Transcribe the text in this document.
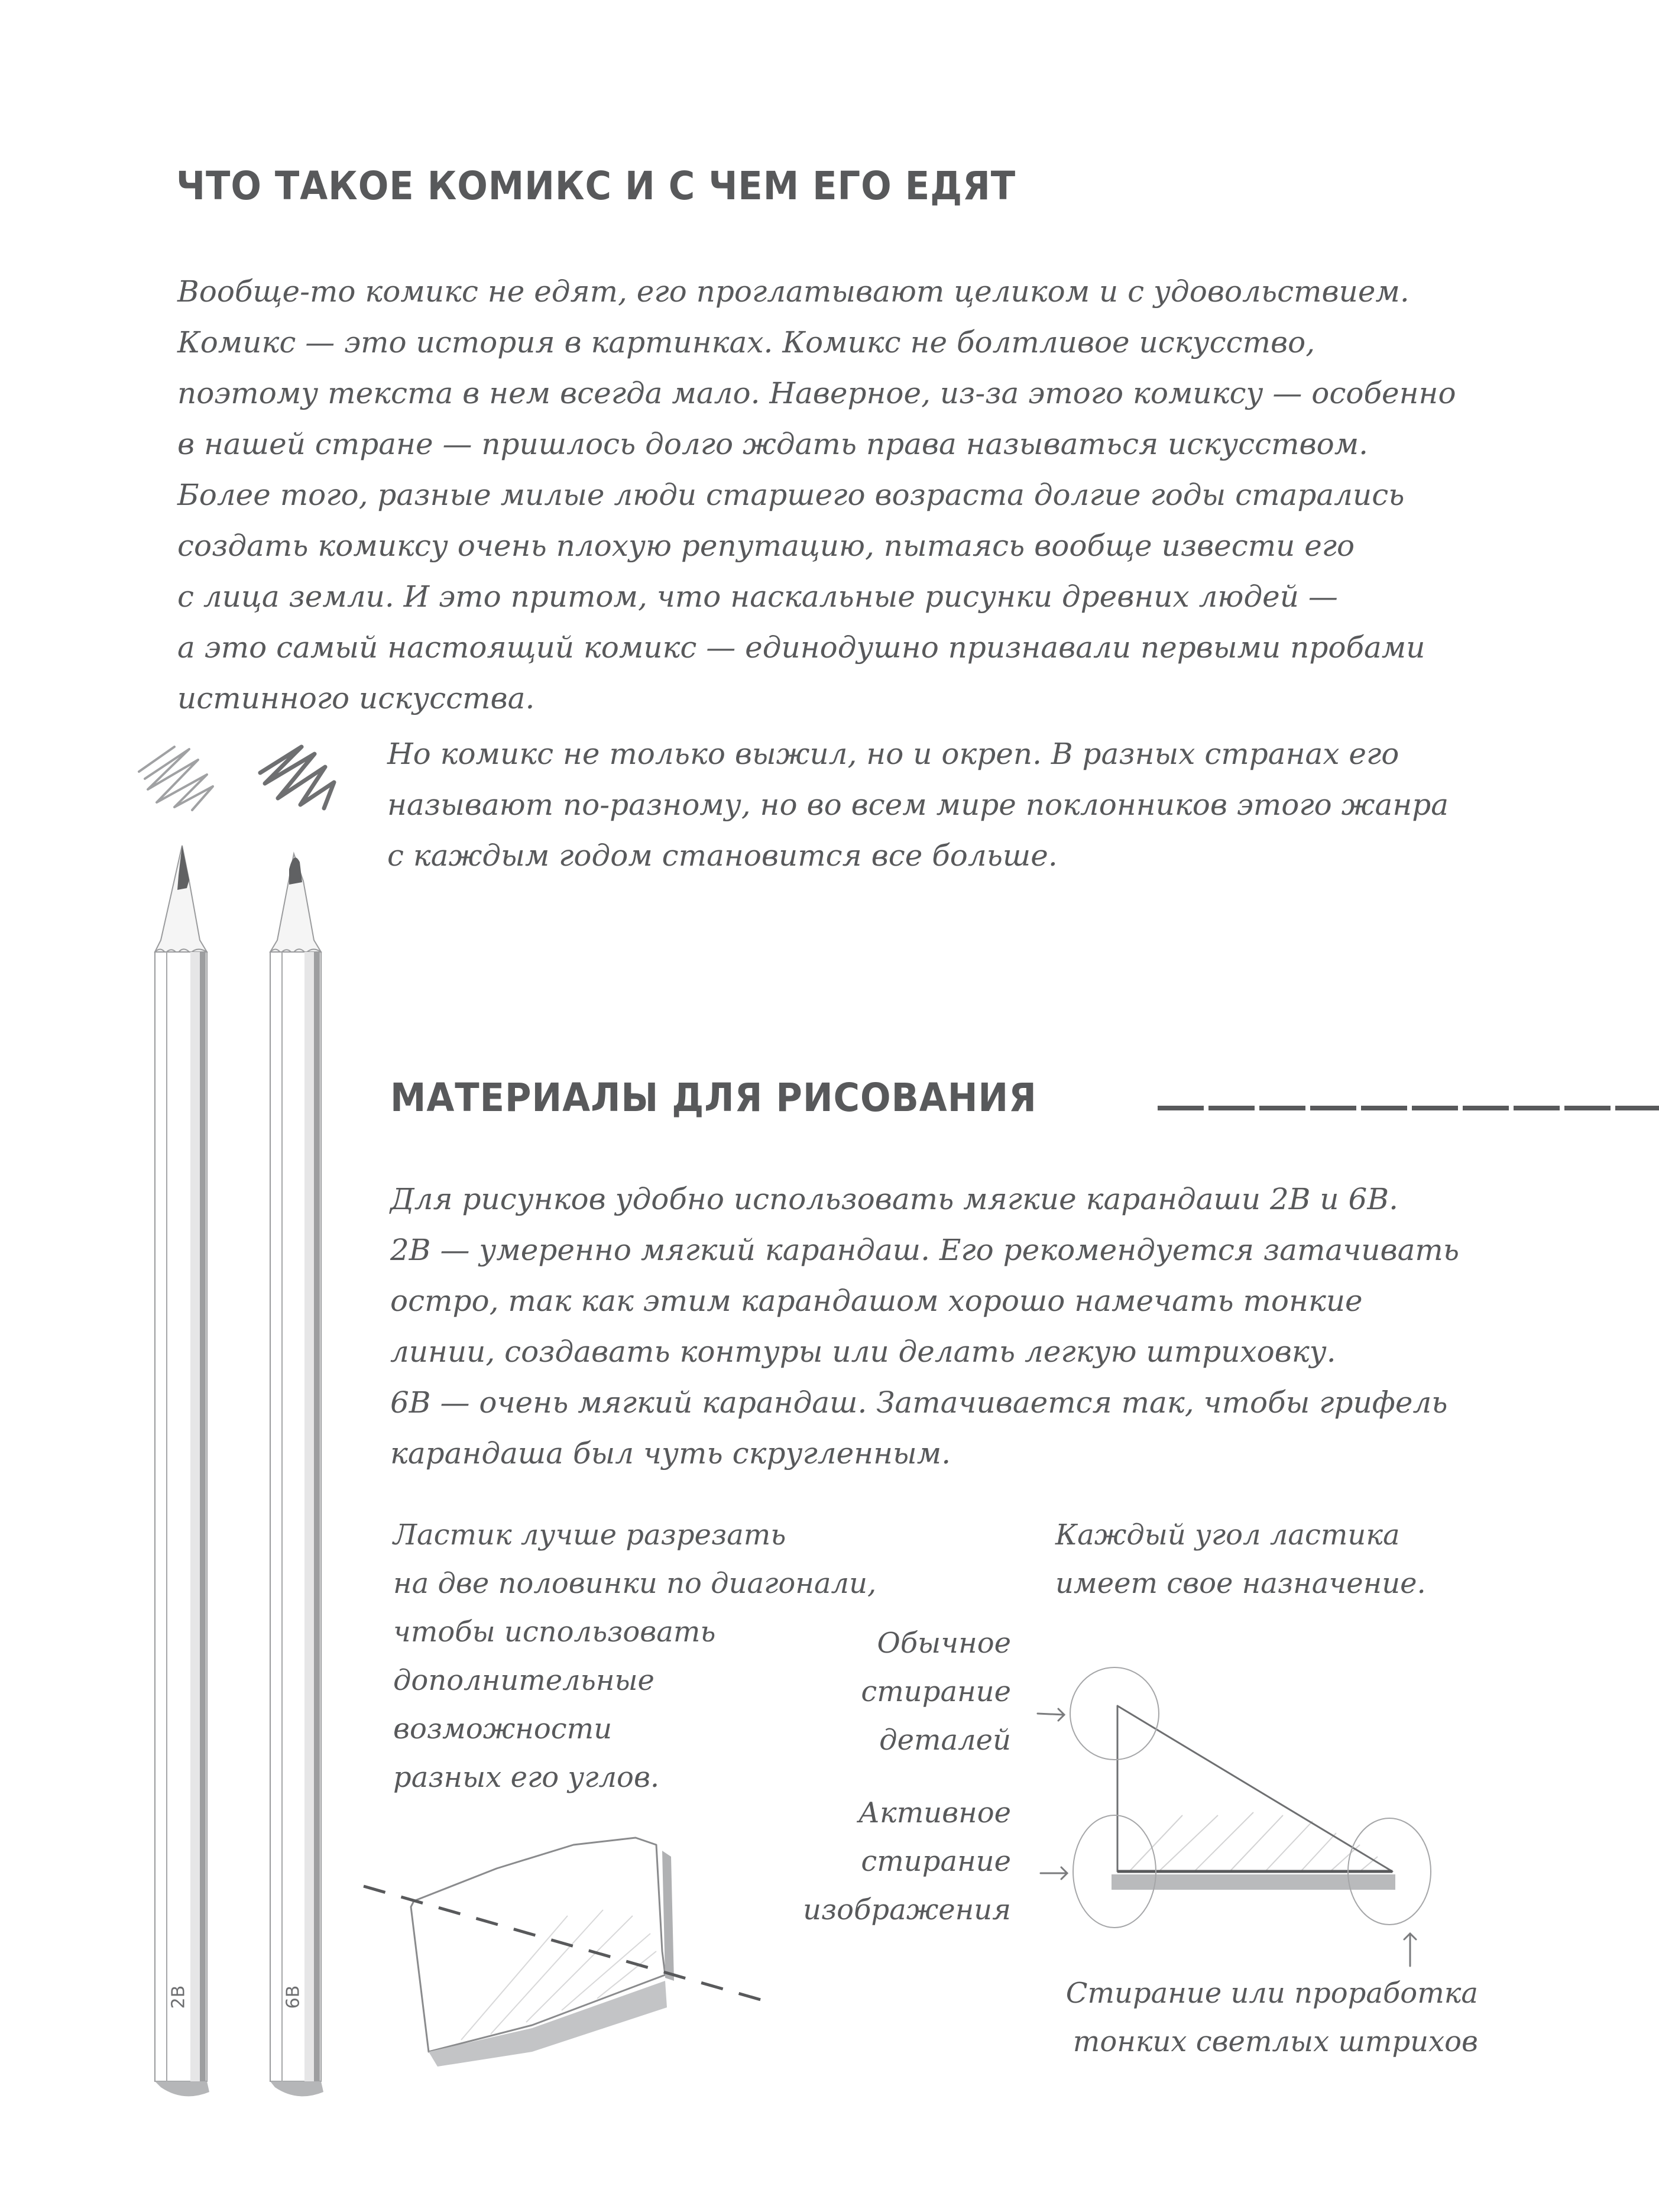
ЧТО ТАКОЕ КОМИКС И С ЧЕМ ЕГО ЕДЯТ
Вообще-то комикс не едят, его проглатывают целиком и с удовольствием.
Комикс — это история в картинках. Комикс не болтливое искусство,
поэтому текста в нем всегда мало. Наверное, из-за этого комиксу — особенно
в нашей стране — пришлось долго ждать права называться искусством.
Более того, разные милые люди старшего возраста долгие годы старались
создать комиксу очень плохую репутацию, пытаясь вообще извести его
с лица земли. И это притом, что наскальные рисунки древних людей —
а это самый настоящий комикс — единодушно признавали первыми пробами
истинного искусства.
Но комикс не только выжил, но и окреп. В разных странах его
называют по-разному, но во всем мире поклонников этого жанра
с каждым годом становится все больше.
2B	6B
МАТЕРИАЛЫ ДЛЯ РИСОВАНИЯ
Для рисунков удобно использовать мягкие карандаши 2B и 6B.
2B — умеренно мягкий карандаш. Его рекомендуется затачивать
остро, так как этим карандашом хорошо намечать тонкие
линии, создавать контуры или делать легкую штриховку.
6B — очень мягкий карандаш. Затачивается так, чтобы грифель
карандаша был чуть скругленным.
Ластик лучше разрезать
на две половинки по диагонали,
чтобы использовать
дополнительные
возможности
разных его углов.
Каждый угол ластика
имеет свое назначение.
Обычное
стирание
деталей
Активное
стирание
изображения
Стирание или проработка
тонких светлых штрихов
